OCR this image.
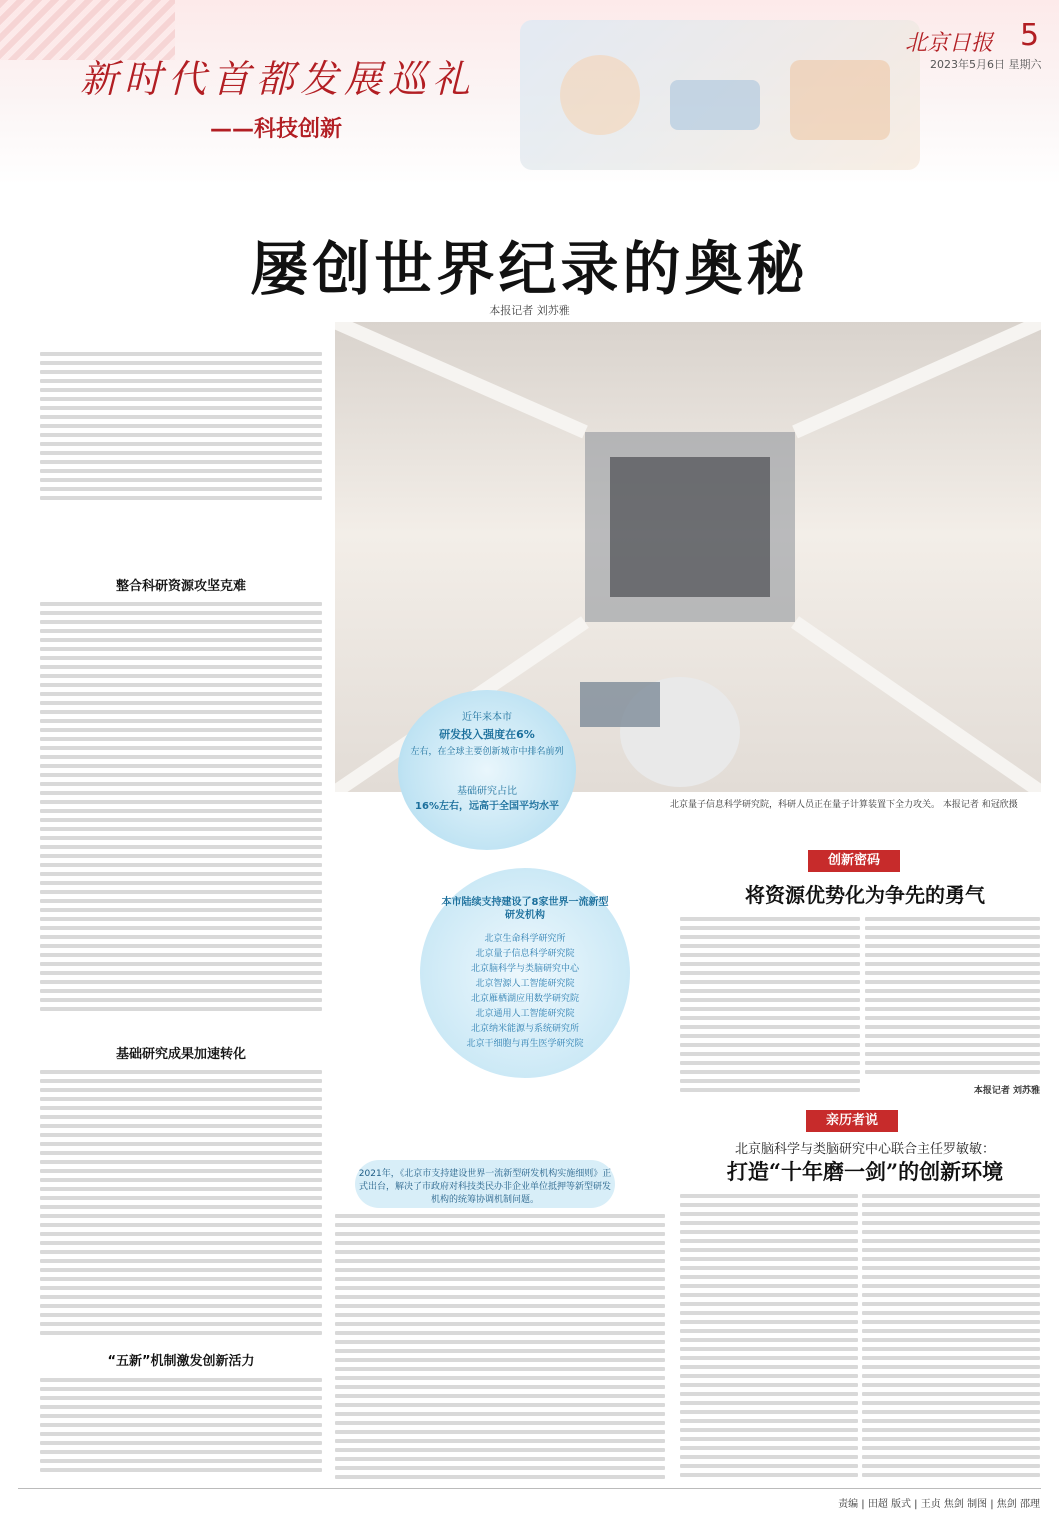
新时代首都发展巡礼
——科技创新
北京日报 5
2023年5月6日 星期六
屡创世界纪录的奥秘
本报记者 刘苏雅
北京量子信息科学研究院，科研人员正在量子计算装置下全力攻关。 本报记者 和冠欣摄
整合科研资源攻坚克难
基础研究成果加速转化
“五新”机制激发创新活力
近年来本市
研发投入强度在6%
左右，在全球主要创新城市中排名前列
基础研究占比
16%左右，远高于全国平均水平
本市陆续支持建设了8家世界一流新型研发机构
北京生命科学研究所
北京量子信息科学研究院
北京脑科学与类脑研究中心
北京智源人工智能研究院
北京雁栖湖应用数学研究院
北京通用人工智能研究院
北京纳米能源与系统研究所
北京干细胞与再生医学研究院
2021年，《北京市支持建设世界一流新型研发机构实施细则》正式出台，解决了市政府对科技类民办非企业单位抵押等新型研发机构的统筹协调机制问题。
创新密码
将资源优势化为争先的勇气
本报记者 刘苏雅
亲历者说
北京脑科学与类脑研究中心联合主任罗敏敏：
打造“十年磨一剑”的创新环境
责编 | 田超 版式 | 王贞 焦剑 制图 | 焦剑 邵理
